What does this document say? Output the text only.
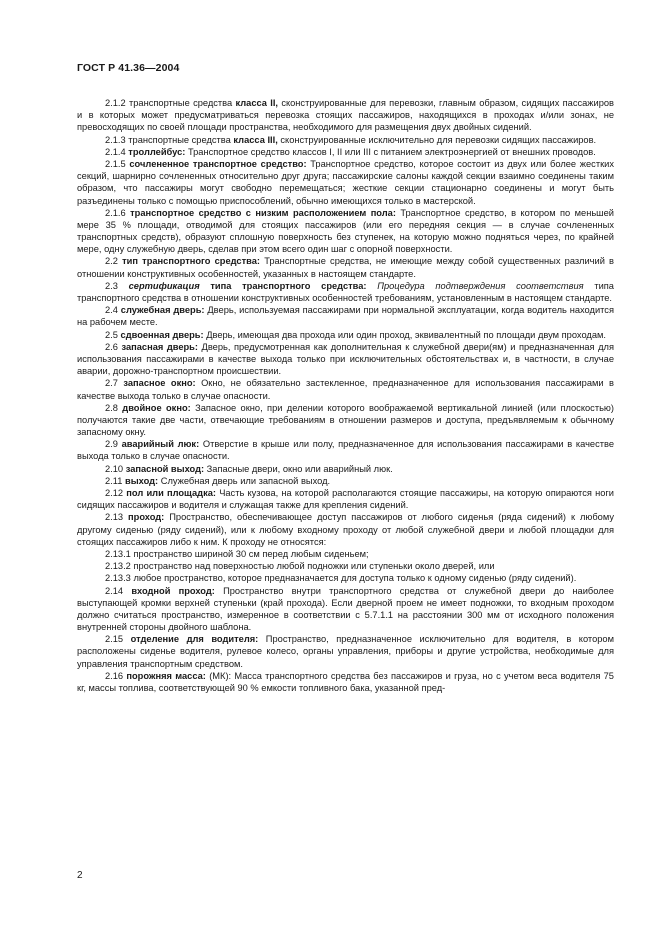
ГОСТ Р 41.36—2004

2.1.2 транспортные средства класса II, сконструированные для перевозки, главным образом, сидящих пассажиров и в которых может предусматриваться перевозка стоящих пассажиров, находящихся в проходах и/или зонах, не превосходящих по своей площади пространства, необходимого для размещения двух двойных сидений.

2.1.3 транспортные средства класса III, сконструированные исключительно для перевозки сидящих пассажиров.

2.1.4 троллейбус: Транспортное средство классов I, II или III с питанием электроэнергией от внешних проводов.

2.1.5 сочлененное транспортное средство: Транспортное средство, которое состоит из двух или более жестких секций, шарнирно сочлененных относительно друг друга; пассажирские салоны каждой секции взаимно соединены таким образом, что пассажиры могут свободно перемещаться; жесткие секции стационарно соединены и могут быть разъединены только с помощью приспособлений, обычно имеющихся только в мастерской.

2.1.6 транспортное средство с низким расположением пола: Транспортное средство, в котором по меньшей мере 35 % площади, отводимой для стоящих пассажиров (или его передняя секция — в случае сочлененных транспортных средств), образуют сплошную поверхность без ступенек, на которую можно подняться через, по крайней мере, одну служебную дверь, сделав при этом всего один шаг с опорной поверхности.

2.2 тип транспортного средства: Транспортные средства, не имеющие между собой существенных различий в отношении конструктивных особенностей, указанных в настоящем стандарте.

2.3 сертификация типа транспортного средства: Процедура подтверждения соответствия типа транспортного средства в отношении конструктивных особенностей требованиям, установленным в настоящем стандарте.

2.4 служебная дверь: Дверь, используемая пассажирами при нормальной эксплуатации, когда водитель находится на рабочем месте.

2.5 сдвоенная дверь: Дверь, имеющая два прохода или один проход, эквивалентный по площади двум проходам.

2.6 запасная дверь: Дверь, предусмотренная как дополнительная к служебной двери(ям) и предназначенная для использования пассажирами в качестве выхода только при исключительных обстоятельствах и, в частности, в случае аварии, дорожно-транспортном происшествии.

2.7 запасное окно: Окно, не обязательно застекленное, предназначенное для использования пассажирами в качестве выхода только в случае опасности.

2.8 двойное окно: Запасное окно, при делении которого воображаемой вертикальной линией (или плоскостью) получаются такие две части, отвечающие требованиям в отношении размеров и доступа, предъявляемым к обычному запасному окну.

2.9 аварийный люк: Отверстие в крыше или полу, предназначенное для использования пассажирами в качестве выхода только в случае опасности.

2.10 запасной выход: Запасные двери, окно или аварийный люк.

2.11 выход: Служебная дверь или запасной выход.

2.12 пол или площадка: Часть кузова, на которой располагаются стоящие пассажиры, на которую опираются ноги сидящих пассажиров и водителя и служащая также для крепления сидений.

2.13 проход: Пространство, обеспечивающее доступ пассажиров от любого сиденья (ряда сидений) к любому другому сиденью (ряду сидений), или к любому входному проходу от любой служебной двери и любой площадки для стоящих пассажиров либо к ним. К проходу не относятся:

2.13.1 пространство шириной 30 см перед любым сиденьем;

2.13.2 пространство над поверхностью любой подножки или ступеньки около дверей, или

2.13.3 любое пространство, которое предназначается для доступа только к одному сиденью (ряду сидений).

2.14 входной проход: Пространство внутри транспортного средства от служебной двери до наиболее выступающей кромки верхней ступеньки (край прохода). Если дверной проем не имеет подножки, то входным проходом должно считаться пространство, измеренное в соответствии с 5.7.1.1 на расстоянии 300 мм от исходного положения внутренней стороны двойного шаблона.

2.15 отделение для водителя: Пространство, предназначенное исключительно для водителя, в котором расположены сиденье водителя, рулевое колесо, органы управления, приборы и другие устройства, необходимые для управления транспортным средством.

2.16 порожняя масса: (МК): Масса транспортного средства без пассажиров и груза, но с учетом веса водителя 75 кг, массы топлива, соответствующей 90 % емкости топливного бака, указанной пред-

2
